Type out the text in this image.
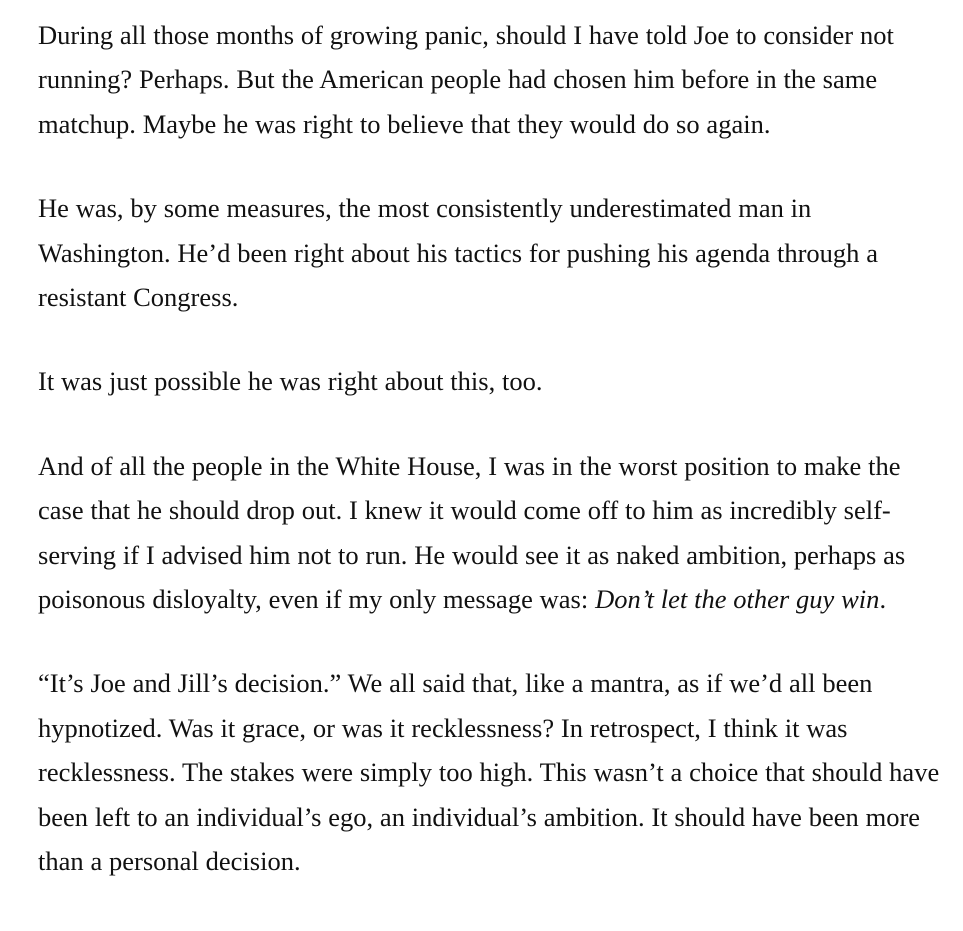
During all those months of growing panic, should I have told Joe to consider not running? Perhaps. But the American people had chosen him before in the same matchup. Maybe he was right to believe that they would do so again.

He was, by some measures, the most consistently underestimated man in Washington. He’d been right about his tactics for pushing his agenda through a resistant Congress.

It was just possible he was right about this, too.

And of all the people in the White House, I was in the worst position to make the case that he should drop out. I knew it would come off to him as incredibly self-serving if I advised him not to run. He would see it as naked ambition, perhaps as poisonous disloyalty, even if my only message was: Don’t let the other guy win.

“It’s Joe and Jill’s decision.” We all said that, like a mantra, as if we’d all been hypnotized. Was it grace, or was it recklessness? In retrospect, I think it was recklessness. The stakes were simply too high. This wasn’t a choice that should have been left to an individual’s ego, an individual’s ambition. It should have been more than a personal decision.
